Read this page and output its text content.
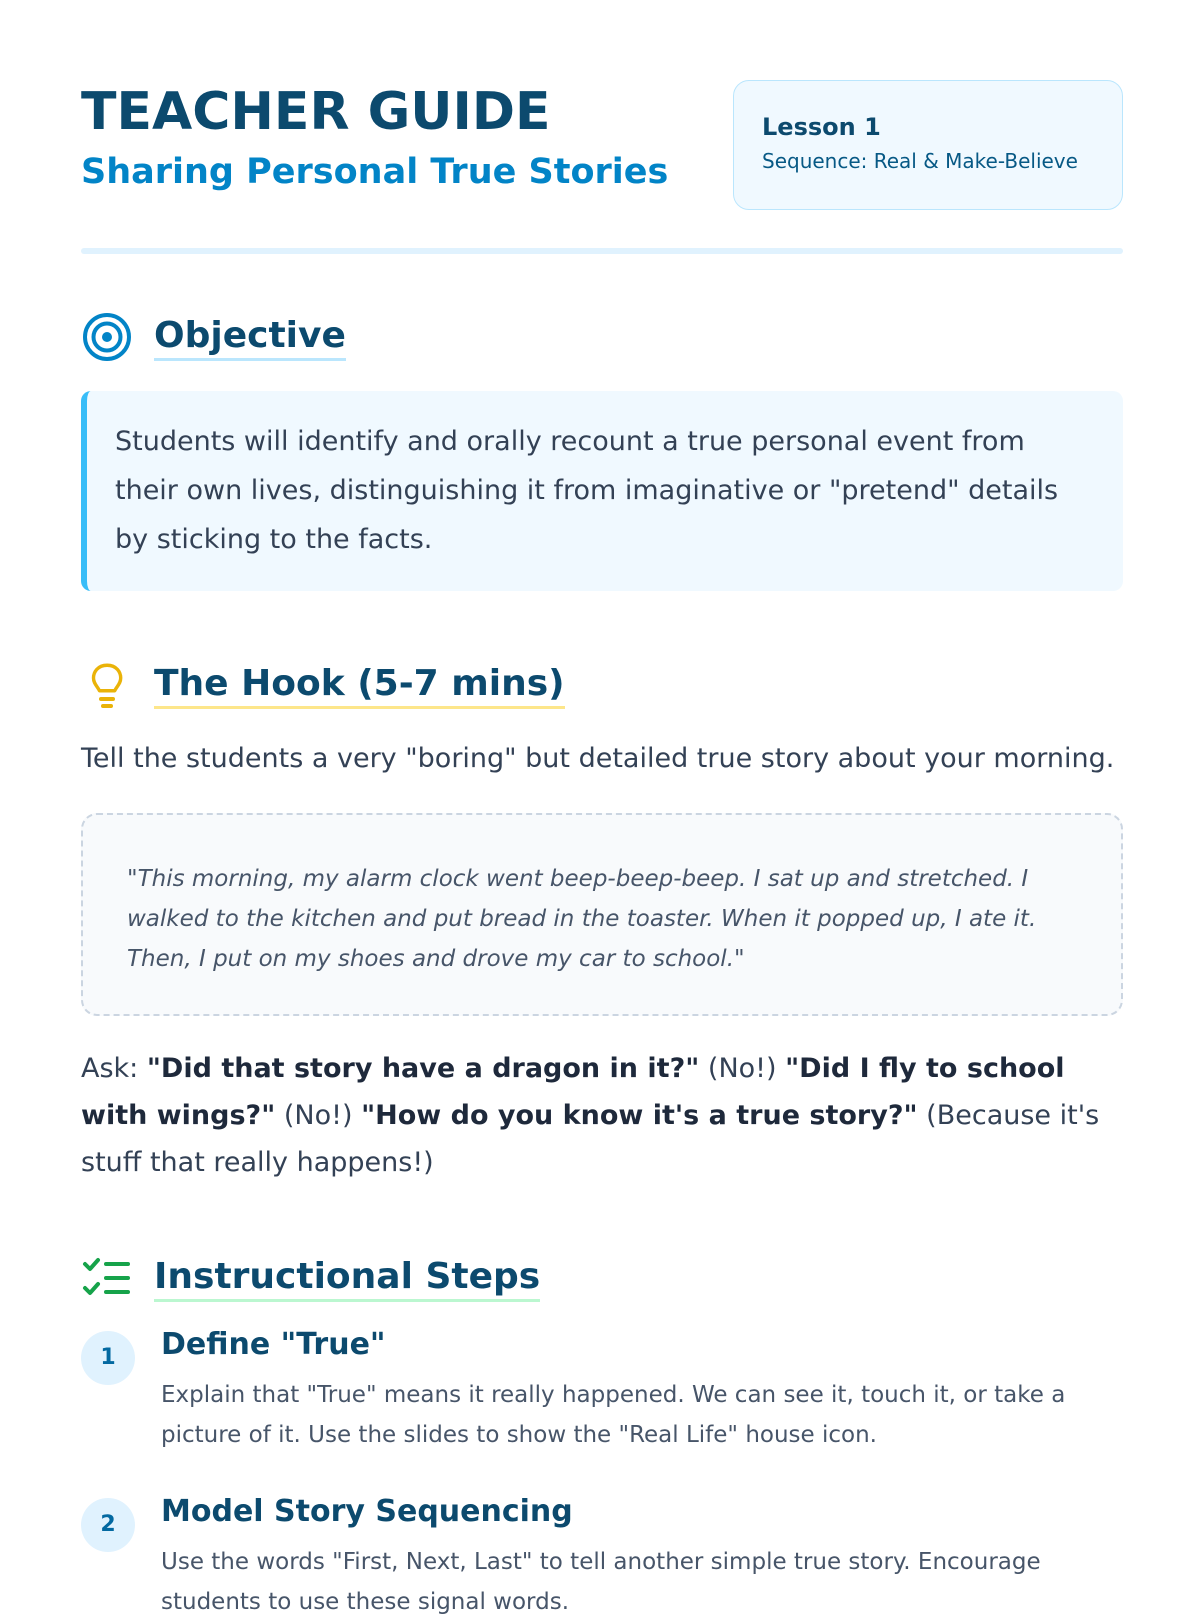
TEACHER GUIDE
Sharing Personal True Stories
Lesson 1
Sequence: Real & Make-Believe
Objective
Students will identify and orally recount a true personal event from their own lives, distinguishing it from imaginative or "pretend" details by sticking to the facts.
The Hook (5-7 mins)
Tell the students a very "boring" but detailed true story about your morning.
"This morning, my alarm clock went beep-beep-beep. I sat up and stretched. I walked to the kitchen and put bread in the toaster. When it popped up, I ate it. Then, I put on my shoes and drove my car to school."
Ask: "Did that story have a dragon in it?" (No!) "Did I fly to school with wings?" (No!) "How do you know it's a true story?" (Because it's stuff that really happens!)
Instructional Steps
1	Define "True"
Explain that "True" means it really happened. We can see it, touch it, or take a picture of it. Use the slides to show the "Real Life" house icon.
2	Model Story Sequencing
Use the words "First, Next, Last" to tell another simple true story. Encourage students to use these signal words.
